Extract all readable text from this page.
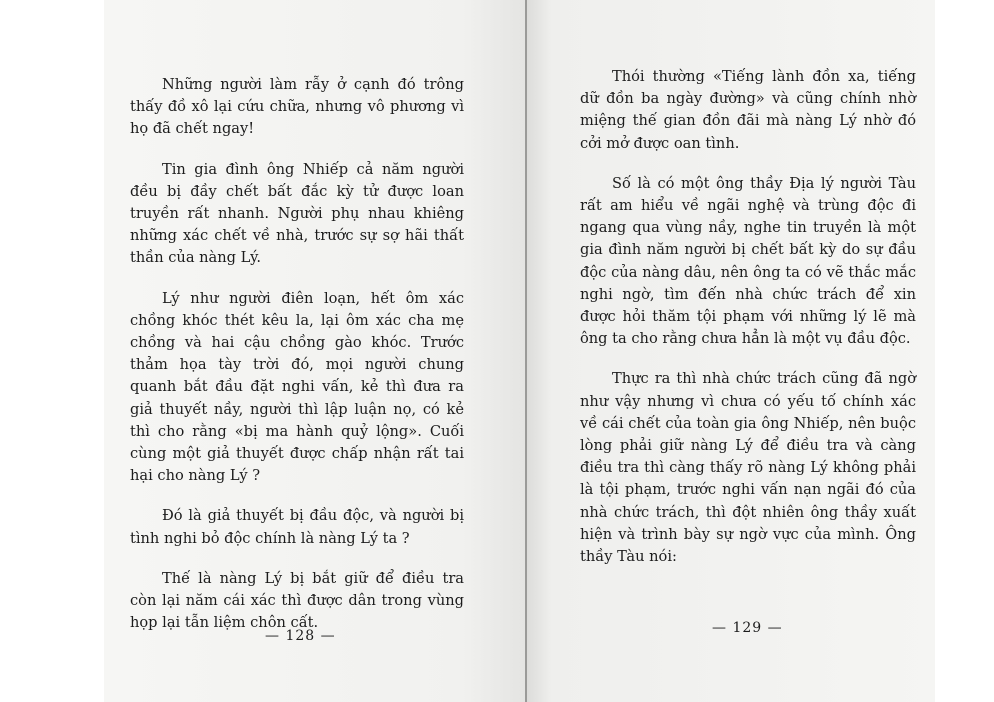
Những người làm rẫy ở cạnh đó trông thấy đồ xô lại cứu chữa, nhưng vô phương vì họ đã chết ngay!

Tin gia đình ông Nhiếp cả năm người đều bị đầy chết bất đắc kỳ tử được loan truyền rất nhanh. Người phụ nhau khiêng những xác chết về nhà, trước sự sợ hãi thất thần của nàng Lý.

Lý như người điên loạn, hết ôm xác chồng khóc thét kêu la, lại ôm xác cha mẹ chồng và hai cậu chồng gào khóc. Trước thảm họa tày trời đó, mọi người chung quanh bắt đầu đặt nghi vấn, kẻ thì đưa ra giả thuyết nầy, người thì lập luận nọ, có kẻ thì cho rằng «bị ma hành quỷ lộng». Cuối cùng một giả thuyết được chấp nhận rất tai hại cho nàng Lý ?

Đó là giả thuyết bị đầu độc, và người bị tình nghi bỏ độc chính là nàng Lý ta ?

Thế là nàng Lý bị bắt giữ để điều tra còn lại năm cái xác thì được dân trong vùng họp lại tẫn liệm chôn cất.

— 128 —

Thói thường «Tiếng lành đồn xa, tiếng dữ đồn ba ngày đường» và cũng chính nhờ miệng thế gian đồn đãi mà nàng Lý nhờ đó cởi mở được oan tình.

Số là có một ông thầy Địa lý người Tàu rất am hiểu về ngãi nghệ và trùng độc đi ngang qua vùng nầy, nghe tin truyền là một gia đình năm người bị chết bất kỳ do sự đầu độc của nàng dâu, nên ông ta có vẽ thắc mắc nghi ngờ, tìm đến nhà chức trách để xin được hỏi thăm tội phạm với những lý lẽ mà ông ta cho rằng chưa hẳn là một vụ đầu độc.

Thực ra thì nhà chức trách cũng đã ngờ như vậy nhưng vì chưa có yếu tố chính xác về cái chết của toàn gia ông Nhiếp, nên buộc lòng phải giữ nàng Lý để điều tra và càng điều tra thì càng thấy rõ nàng Lý không phải là tội phạm, trước nghi vấn nạn ngãi đó của nhà chức trách, thì đột nhiên ông thầy xuất hiện và trình bày sự ngờ vực của mình. Ông thầy Tàu nói:

— 129 —
